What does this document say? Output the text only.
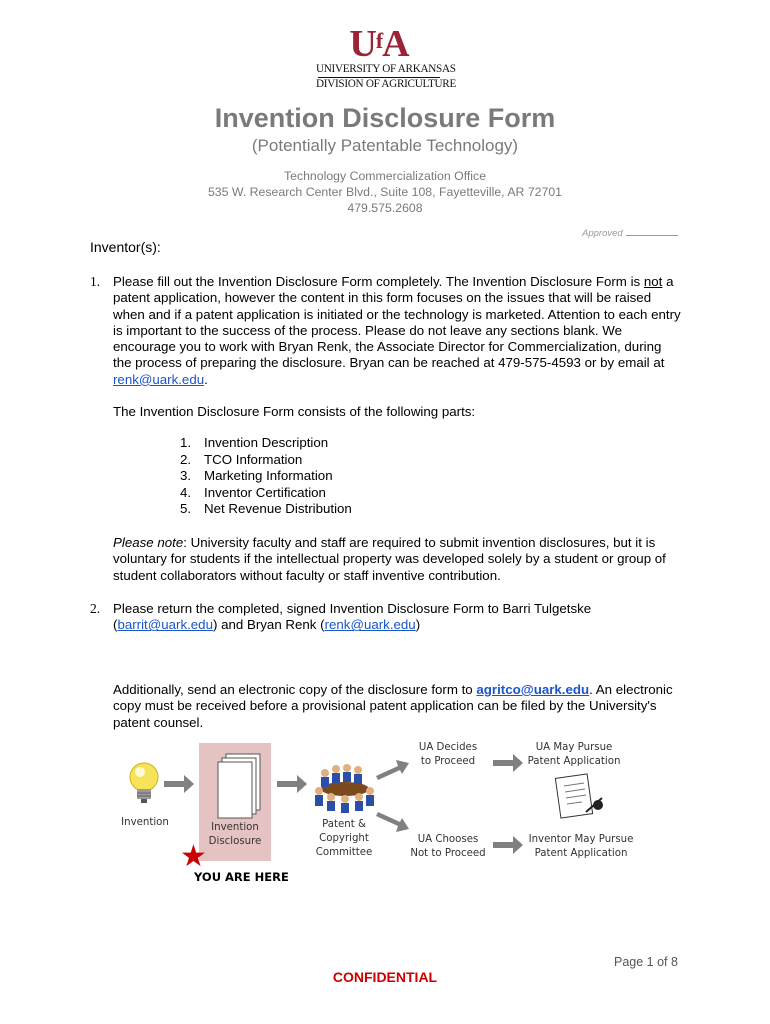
$U^fA$
UNIVERSITY OF ARKANSAS
DIVISION OF AGRICULTURE
Invention Disclosure Form
(Potentially Patentable Technology)
Technology Commercialization Office
535 W. Research Center Blvd., Suite 108, Fayetteville, AR 72701
479.575.2608
Approved
Inventor(s):
1. Please fill out the Invention Disclosure Form completely. The Invention Disclosure Form is not a patent application, however the content in this form focuses on the issues that will be raised when and if a patent application is initiated or the technology is marketed. Attention to each entry is important to the success of the process. Please do not leave any sections blank. We encourage you to work with Bryan Renk, the Associate Director for Commercialization, during the process of preparing the disclosure. Bryan can be reached at 479-575-4593 or by email at renk@uark.edu.
The Invention Disclosure Form consists of the following parts:
1. Invention Description
2. TCO Information
3. Marketing Information
4. Inventor Certification
5. Net Revenue Distribution
Please note: University faculty and staff are required to submit invention disclosures, but it is voluntary for students if the intellectual property was developed solely by a student or group of student collaborators without faculty or staff inventive contribution.
2. Please return the completed, signed Invention Disclosure Form to Barri Tulgetske (barrit@uark.edu) and Bryan Renk (renk@uark.edu)
Additionally, send an electronic copy of the disclosure form to agritco@uark.edu. An electronic copy must be received before a provisional patent application can be filed by the University's patent counsel.
Invention	Invention
Disclosure
Patent &
Copyright
Committee
UA Decides
to Proceed
UA May Pursue
Patent Application
UA Chooses
Not to Proceed
Inventor May Pursue
Patent Application
★
YOU ARE HERE
Page 1 of 8
CONFIDENTIAL
